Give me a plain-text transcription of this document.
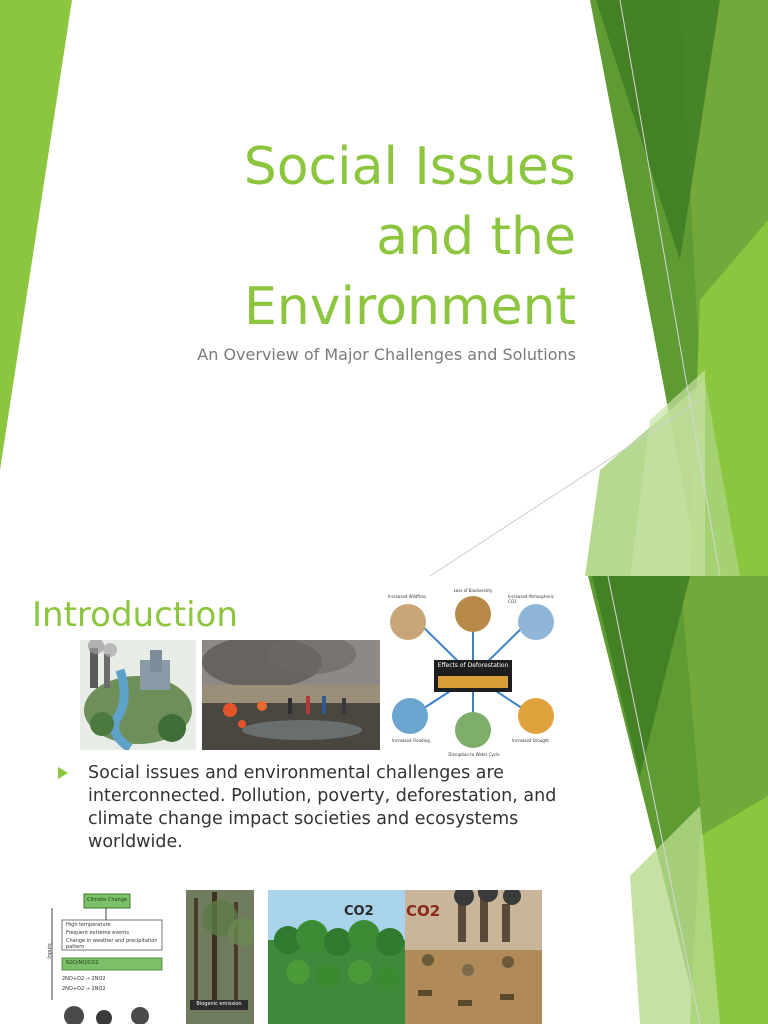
Social Issues
and the
Environment
An Overview of Major Challenges and Solutions
Introduction
Effects of Deforestation
Loss of Biodiversity
Increased Wildfires	Increased Atmospheric CO2
Increased Flooding
Disruption to Water Cycle
Increased Drought
Social issues and environmental challenges are interconnected. Pollution, poverty, deforestation, and climate change impact societies and ecosystems worldwide.
Climate Change
High temperature
Frequent extreme events
Change in weather and precipitation pattern
Inputs
N2O/NO/CO2
2NO+O2 → 2NO2
2NO+O2 → 2NO2
Biogenic emission
CO2 CO2
